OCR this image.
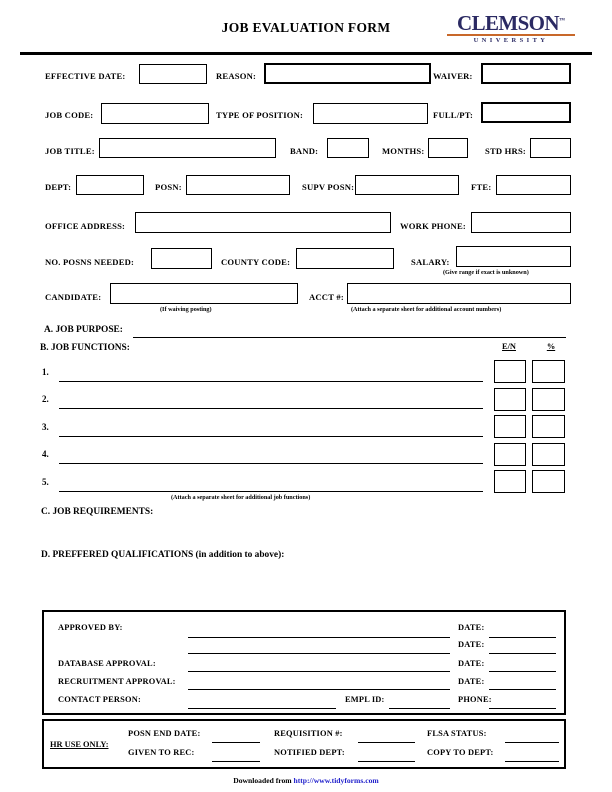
JOB EVALUATION FORM	CLEMSON™
UNIVERSITY
EFFECTIVE DATE:	REASON:	WAIVER:
JOB CODE:	TYPE OF POSITION:	FULL/PT:
JOB TITLE:	BAND:	MONTHS:	STD HRS:
DEPT:	POSN:	SUPV POSN:	FTE:
OFFICE ADDRESS:	WORK PHONE:
NO. POSNS NEEDED:	COUNTY CODE:	SALARY:
(Give range if exact is unknown)
CANDIDATE:
(If waiving posting)
ACCT #:
(Attach a separate sheet for additional account numbers)
A. JOB PURPOSE:
B. JOB FUNCTIONS:	E/N	%
1.
2.
3.
4.
5.
(Attach a separate sheet for additional job functions)
C. JOB REQUIREMENTS:
D. PREFFERED QUALIFICATIONS (in addition to above):
APPROVED BY:	DATE:
DATE:
DATABASE APPROVAL:	DATE:
RECRUITMENT APPROVAL:	DATE:
CONTACT PERSON:	EMPL ID:	PHONE:
HR USE ONLY:
POSN END DATE:	REQUISITION #:	FLSA STATUS:
GIVEN TO REC:	NOTIFIED DEPT:	COPY TO DEPT:
Downloaded from http://www.tidyforms.com
